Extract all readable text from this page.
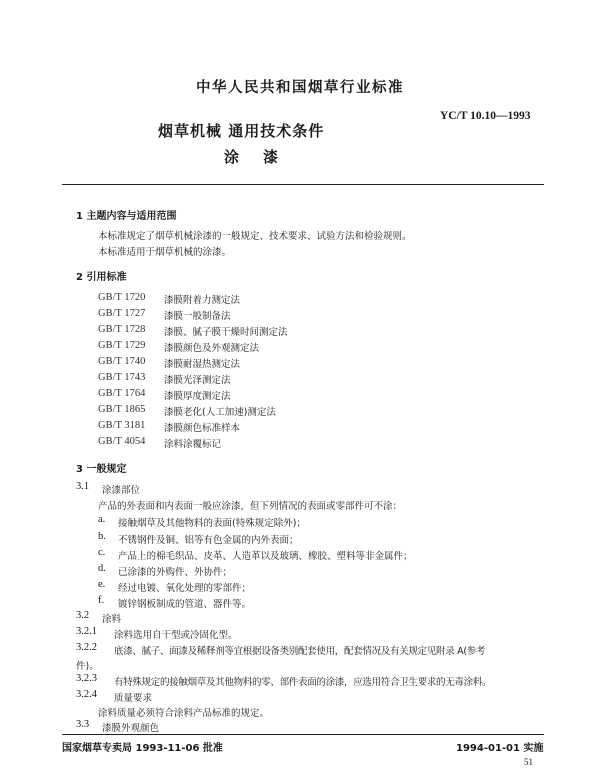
中华人民共和国烟草行业标准
烟草机械 通用技术条件
YC/T 10.10—1993
涂漆
1 主题内容与适用范围
本标准规定了烟草机械涂漆的一般规定、技术要求、试验方法和检验规则。
本标准适用于烟草机械的涂漆。
2 引用标准
GB/T 1720 漆膜附着力测定法
GB/T 1727 漆膜一般制备法
GB/T 1728 漆膜、腻子膜干燥时间测定法
GB/T 1729 漆膜颜色及外观测定法
GB/T 1740 漆膜耐湿热测定法
GB/T 1743 漆膜光泽测定法
GB/T 1764 漆膜厚度测定法
GB/T 1865 漆膜老化(人工加速)测定法
GB/T 3181 漆膜颜色标准样本
GB/T 4054 涂料涂覆标记
3 一般规定
3.1 涂漆部位
产品的外表面和内表面一般应涂漆，但下列情况的表面或零部件可不涂：
a. 接触烟草及其他物料的表面(特殊规定除外)；
b. 不锈钢件及铜、铝等有色金属的内外表面；
c. 产品上的棉毛织品、皮革、人造革以及玻璃、橡胶、塑料等非金属件；
d. 已涂漆的外购件、外协件；
e. 经过电镀、氧化处理的零部件；
f. 镀锌钢板制成的管道、器件等。
3.2 涂料
3.2.1 涂料选用自干型或冷固化型。
3.2.2 底漆、腻子、面漆及稀释剂等宜根据设备类别配套使用，配套情况及有关规定见附录 A(参考
件)。
3.2.3 有特殊规定的接触烟草及其他物料的零、部件表面的涂漆，应选用符合卫生要求的无毒涂料。
3.2.4 质量要求
涂料质量必须符合涂料产品标准的规定。
3.3 漆膜外观颜色
国家烟草专卖局 1993-11-06 批准	1994-01-01 实施
51
